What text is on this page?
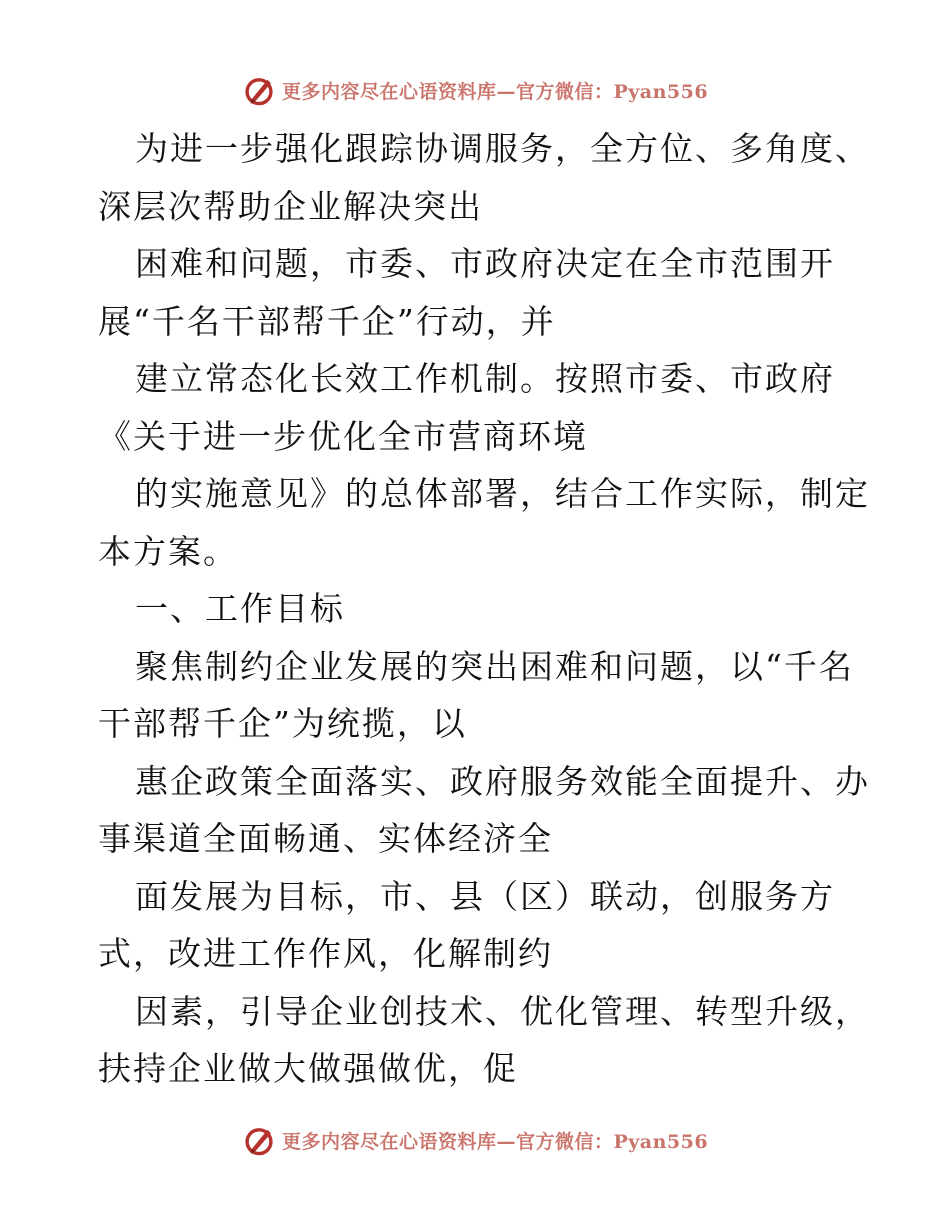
更多内容尽在心语资料库—官方微信：Pyan556
为进一步强化跟踪协调服务，全方位、多角度、
深层次帮助企业解决突出
困难和问题，市委、市政府决定在全市范围开
展“千名干部帮千企”行动，并
建立常态化长效工作机制。按照市委、市政府
《关于进一步优化全市营商环境
的实施意见》的总体部署，结合工作实际，制定
本方案。
一、工作目标
聚焦制约企业发展的突出困难和问题，以“千名
干部帮千企”为统揽，以
惠企政策全面落实、政府服务效能全面提升、办
事渠道全面畅通、实体经济全
面发展为目标，市、县（区）联动，创服务方
式，改进工作作风，化解制约
因素，引导企业创技术、优化管理、转型升级，
扶持企业做大做强做优，促
更多内容尽在心语资料库—官方微信：Pyan556
